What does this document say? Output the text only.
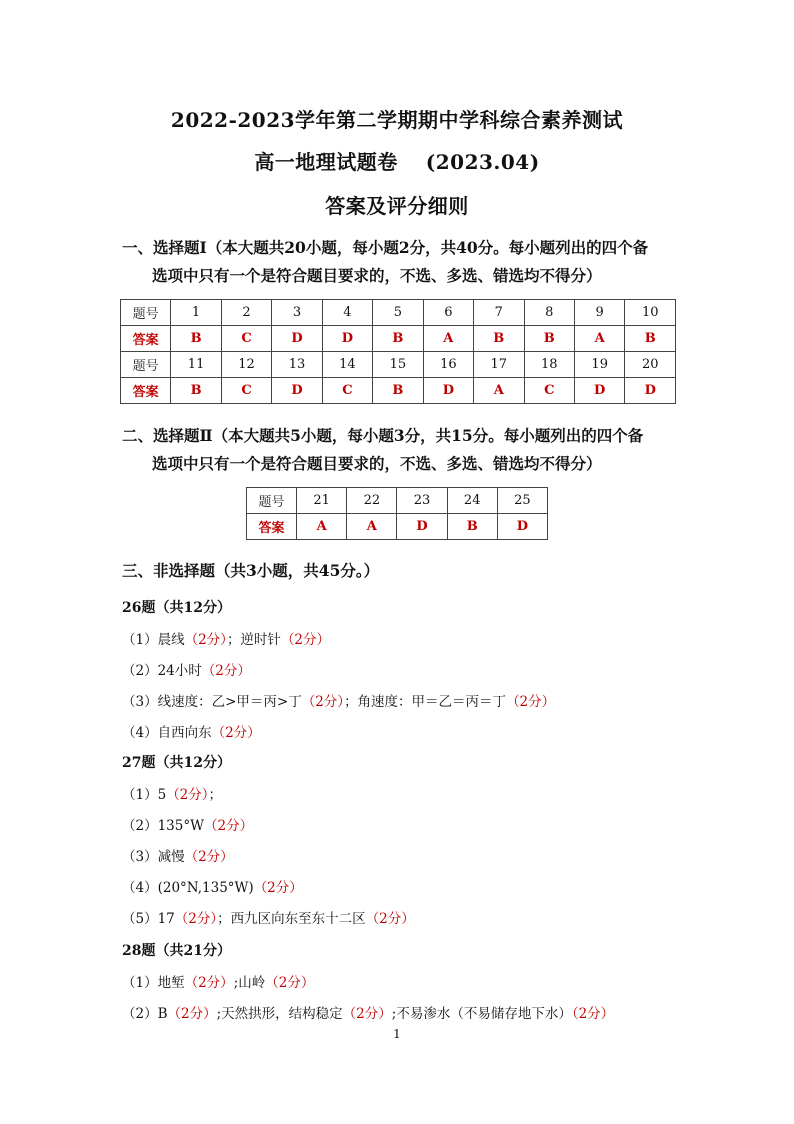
2022-2023学年第二学期期中学科综合素养测试
高一地理试题卷　 (2023.04)
答案及评分细则
一、选择题Ⅰ（本大题共20小题，每小题2分，共40分。每小题列出的四个备
选项中只有一个是符合题目要求的，不选、多选、错选均不得分）
题号	1	2	3	4	5	6	7	8	9	10
答案	B	C	D	D	B	A	B	B	A	B
题号	11	12	13	14	15	16	17	18	19	20
答案	B	C	D	C	B	D	A	C	D	D
二、选择题Ⅱ（本大题共5小题，每小题3分，共15分。每小题列出的四个备
选项中只有一个是符合题目要求的，不选、多选、错选均不得分）
题号	21	22	23	24	25
答案	A	A	D	B	D
三、非选择题（共3小题，共45分。）
26题（共12分）
（1）晨线（2分）；逆时针（2分）
（2）24小时（2分）
（3）线速度：乙>甲＝丙>丁（2分）；角速度：甲＝乙＝丙＝丁（2分）
（4）自西向东（2分）
27题（共12分）
（1）5（2分）；
（2）135°W（2分）
（3）减慢（2分）
（4）(20°N,135°W)（2分）
（5）17（2分）；西九区向东至东十二区（2分）
28题（共21分）
（1）地堑（2分）;山岭（2分）
（2）B（2分）;天然拱形，结构稳定（2分）;不易渗水（不易储存地下水）（2分）
1
